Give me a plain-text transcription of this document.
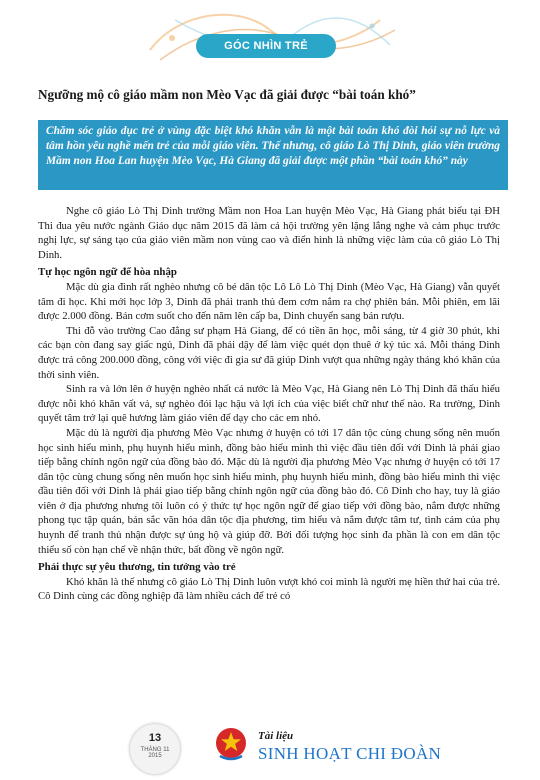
GÓC NHÌN TRẺ
Ngưỡng mộ cô giáo mầm non Mèo Vạc đã giải được “bài toán khó”
Chăm sóc giáo dục trẻ ở vùng đặc biệt khó khăn vẫn là một bài toán khó đòi hỏi sự nỗ lực và tâm hồn yêu nghề mến trẻ của mỗi giáo viên. Thế nhưng, cô giáo Lò Thị Dinh, giáo viên trường Mầm non Hoa Lan huyện Mèo Vạc, Hà Giang đã giải được một phần “bài toán khó” này

Nghe cô giáo Lò Thị Dinh trường Mầm non Hoa Lan huyện Mèo Vạc, Hà Giang phát biểu tại ĐH Thi đua yêu nước ngành Giáo dục năm 2015 đã làm cả hội trường yên lặng lắng nghe và cảm phục trước nghị lực, sự sáng tạo của giáo viên mầm non vùng cao và điển hình là những việc làm của cô giáo Lò Thị Dinh.

Tự học ngôn ngữ để hòa nhập

Mặc dù gia đình rất nghèo nhưng cô bé dân tộc Lô Lô Lò Thị Dinh (Mèo Vạc, Hà Giang) vẫn quyết tâm đi học. Khi mới học lớp 3, Dinh đã phải tranh thủ đem cơm nắm ra chợ phiên bán. Mỗi phiên, em lãi được 2.000 đồng. Bán cơm suốt cho đến năm lên cấp ba, Dinh chuyển sang bán rượu.

Thi đỗ vào trường Cao đẳng sư phạm Hà Giang, để có tiền ăn học, mỗi sáng, từ 4 giờ 30 phút, khi các bạn còn đang say giấc ngủ, Dinh đã phải dậy để làm việc quét dọn thuê ở ký túc xá. Mỗi tháng Dinh được trả công 200.000 đồng, công với việc đi gia sư đã giúp Dinh vượt qua những ngày tháng khó khăn của thời sinh viên.

Sinh ra và lớn lên ở huyện nghèo nhất cả nước là Mèo Vạc, Hà Giang nên Lò Thị Dinh đã thấu hiểu được nỗi khó khăn vất vả, sự nghèo đói lạc hậu và lợi ích của việc biết chữ như thế nào. Ra trường, Dinh quyết tâm trở lại quê hương làm giáo viên để dạy cho các em nhỏ.

Mặc dù là người địa phương Mèo Vạc nhưng ở huyện có tới 17 dân tộc cùng chung sống nên muốn học sinh hiểu mình, phụ huynh hiểu mình, đồng bào hiểu mình thì việc đầu tiên đối với Dinh là phải giao tiếp bằng chính ngôn ngữ của đồng bào đó. Mặc dù là người địa phương Mèo Vạc nhưng ở huyện có tới 17 dân tộc cùng chung sống nên muốn học sinh hiểu mình, phụ huynh hiểu mình, đồng bào hiểu mình thì việc đầu tiên đối với Dinh là phải giao tiếp bằng chính ngôn ngữ của đồng bào đó. Cô Dinh cho hay, tuy là giáo viên ở địa phương nhưng tôi luôn có ý thức tự học ngôn ngữ để giao tiếp với đồng bào, nắm được những phong tục tập quán, bản sắc văn hóa dân tộc địa phương, tìm hiểu và nắm được tâm tư, tình cảm của phụ huynh để tranh thủ nhận được sự ủng hộ và giúp đỡ. Bởi đối tượng học sinh đa phần là con em dân tộc thiểu số còn hạn chế về nhận thức, bất đồng về ngôn ngữ.

Phải thực sự yêu thương, tin tưởng vào trẻ

Khó khăn là thế nhưng cô giáo Lò Thị Dinh luôn vượt khó coi mình là người mẹ hiền thứ hai của trẻ. Cô Dinh cùng các đồng nghiệp đã làm nhiều cách để trẻ có

13
THÁNG 11
2015
Tài liệu
SINH HOẠT CHI ĐOÀN
